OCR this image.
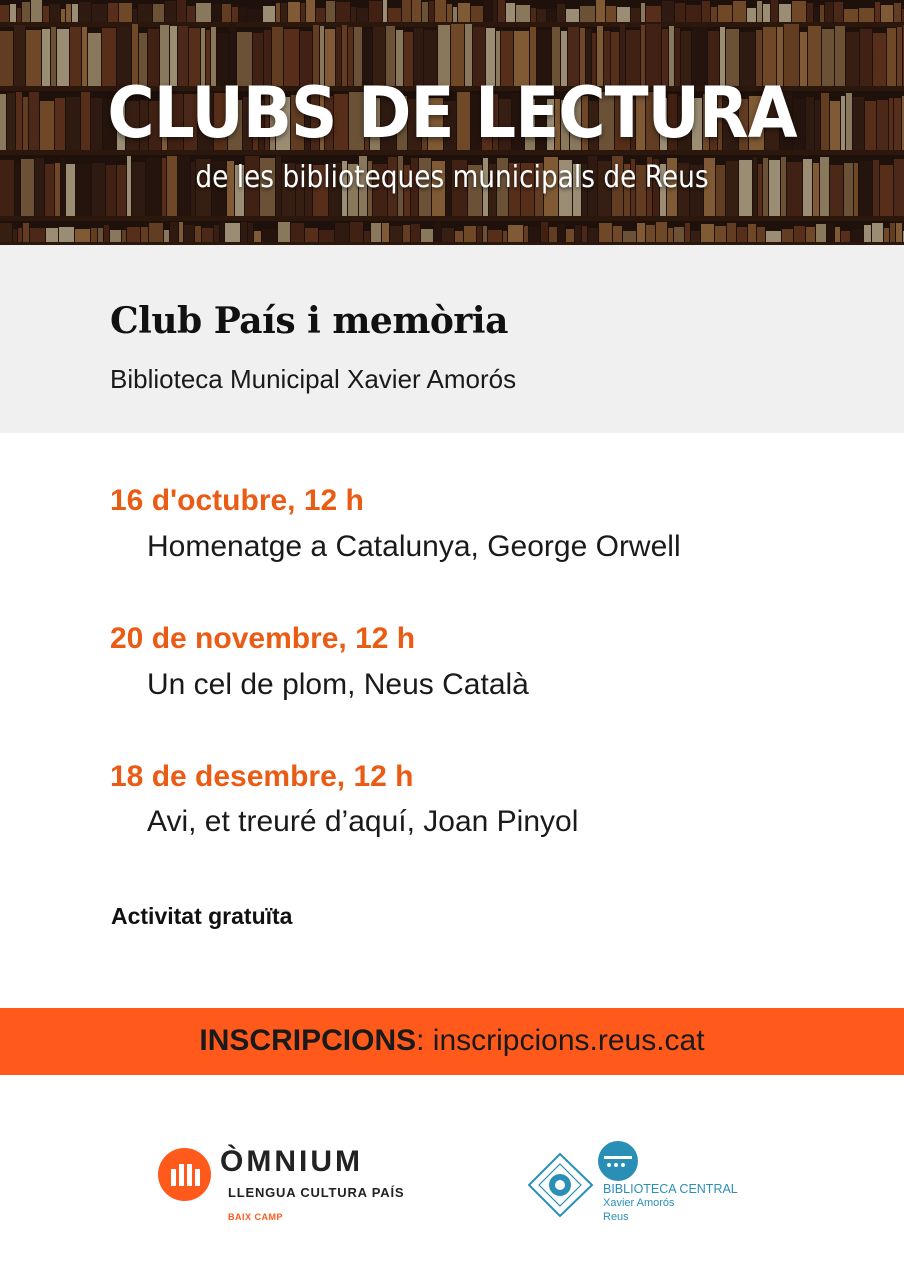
CLUBS DE LECTURA
de les biblioteques municipals de Reus
Club País i memòria
Biblioteca Municipal Xavier Amorós
16 d'octubre, 12 h
Homenatge a Catalunya, George Orwell
20 de novembre, 12 h
Un cel de plom, Neus Català
18 de desembre, 12 h
Avi, et treuré d’aquí, Joan Pinyol
Activitat gratuïta
INSCRIPCIONS: inscripcions.reus.cat
ÒMNIUM
LLENGUA CULTURA PAÍS
BAIX CAMP
BIBLIOTECA CENTRAL
Xavier Amorós
Reus
